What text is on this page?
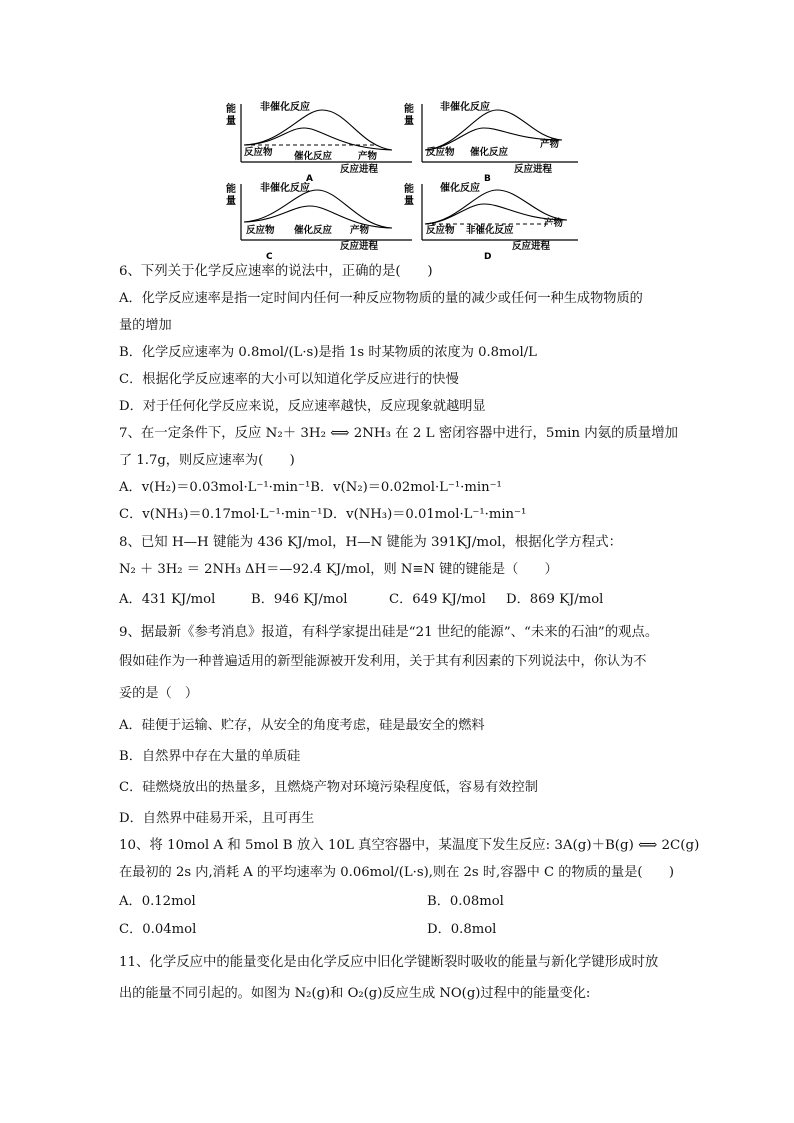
能
量
非催化反应
反应物 催化反应	产物
反应进程
A
能
量
非催化反应
产物
反应物 催化反应
反应进程
B
能
量
非催化反应
反应物 催化反应 产物
反应进程
C
能
量
催化反应
产物
反应物 非催化反应
反应进程
D
6、下列关于化学反应速率的说法中，正确的是(　　)
A．化学反应速率是指一定时间内任何一种反应物物质的量的减少或任何一种生成物物质的
量的增加
B．化学反应速率为 0.8mol/(L·s)是指 1s 时某物质的浓度为 0.8mol/L
C．根据化学反应速率的大小可以知道化学反应进行的快慢
D．对于任何化学反应来说，反应速率越快，反应现象就越明显
7、在一定条件下，反应 N₂＋ 3H₂ ⟺ 2NH₃ 在 2 L 密闭容器中进行，5min 内氨的质量增加
了 1.7g，则反应速率为(　　)
A．v(H₂)＝0.03mol·L⁻¹·min⁻¹B．v(N₂)＝0.02mol·L⁻¹·min⁻¹
C．v(NH₃)＝0.17mol·L⁻¹·min⁻¹D．v(NH₃)＝0.01mol·L⁻¹·min⁻¹
8、已知 H—H 键能为 436 KJ/mol，H—N 键能为 391KJ/mol，根据化学方程式：
N₂ ＋ 3H₂ ＝ 2NH₃ ΔH＝—92.4 KJ/mol，则 N≡N 键的键能是（　　）
A．431 KJ/mol	B．946 KJ/mol	C．649 KJ/mol D．869 KJ/mol
9、据最新《参考消息》报道，有科学家提出硅是“21 世纪的能源”、“未来的石油”的观点。
假如硅作为一种普遍适用的新型能源被开发利用，关于其有利因素的下列说法中，你认为不
妥的是（　）
A．硅便于运输、贮存，从安全的角度考虑，硅是最安全的燃料
B．自然界中存在大量的单质硅
C．硅燃烧放出的热量多，且燃烧产物对环境污染程度低，容易有效控制
D．自然界中硅易开采，且可再生
10、将 10mol A 和 5mol B 放入 10L 真空容器中，某温度下发生反应: 3A(g)＋B(g) ⟺ 2C(g)
在最初的 2s 内,消耗 A 的平均速率为 0.06mol/(L·s),则在 2s 时,容器中 C 的物质的量是(　　)
A．0.12mol	B．0.08mol
C．0.04mol	D．0.8mol
11、化学反应中的能量变化是由化学反应中旧化学键断裂时吸收的能量与新化学键形成时放
出的能量不同引起的。如图为 N₂(g)和 O₂(g)反应生成 NO(g)过程中的能量变化:
